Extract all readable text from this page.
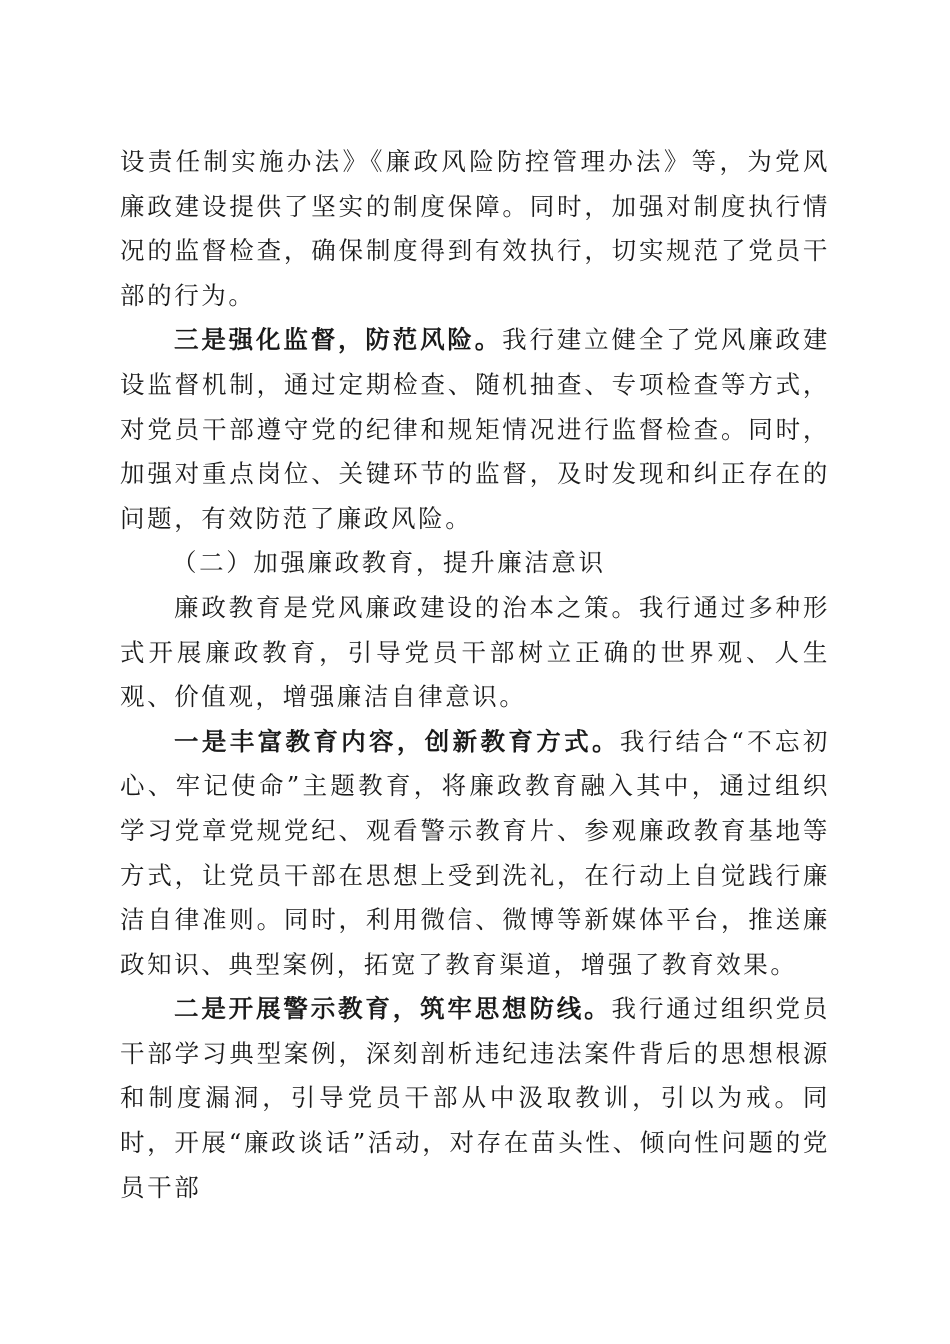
设责任制实施办法》《廉政风险防控管理办法》等，为党风廉政建设提供了坚实的制度保障。同时，加强对制度执行情况的监督检查，确保制度得到有效执行，切实规范了党员干部的行为。

三是强化监督，防范风险。我行建立健全了党风廉政建设监督机制，通过定期检查、随机抽查、专项检查等方式，对党员干部遵守党的纪律和规矩情况进行监督检查。同时，加强对重点岗位、关键环节的监督，及时发现和纠正存在的问题，有效防范了廉政风险。

（二）加强廉政教育，提升廉洁意识

廉政教育是党风廉政建设的治本之策。我行通过多种形式开展廉政教育，引导党员干部树立正确的世界观、人生观、价值观，增强廉洁自律意识。

一是丰富教育内容，创新教育方式。我行结合“不忘初心、牢记使命”主题教育，将廉政教育融入其中，通过组织学习党章党规党纪、观看警示教育片、参观廉政教育基地等方式，让党员干部在思想上受到洗礼，在行动上自觉践行廉洁自律准则。同时，利用微信、微博等新媒体平台，推送廉政知识、典型案例，拓宽了教育渠道，增强了教育效果。

二是开展警示教育，筑牢思想防线。我行通过组织党员干部学习典型案例，深刻剖析违纪违法案件背后的思想根源和制度漏洞，引导党员干部从中汲取教训，引以为戒。同时，开展“廉政谈话”活动，对存在苗头性、倾向性问题的党员干部
